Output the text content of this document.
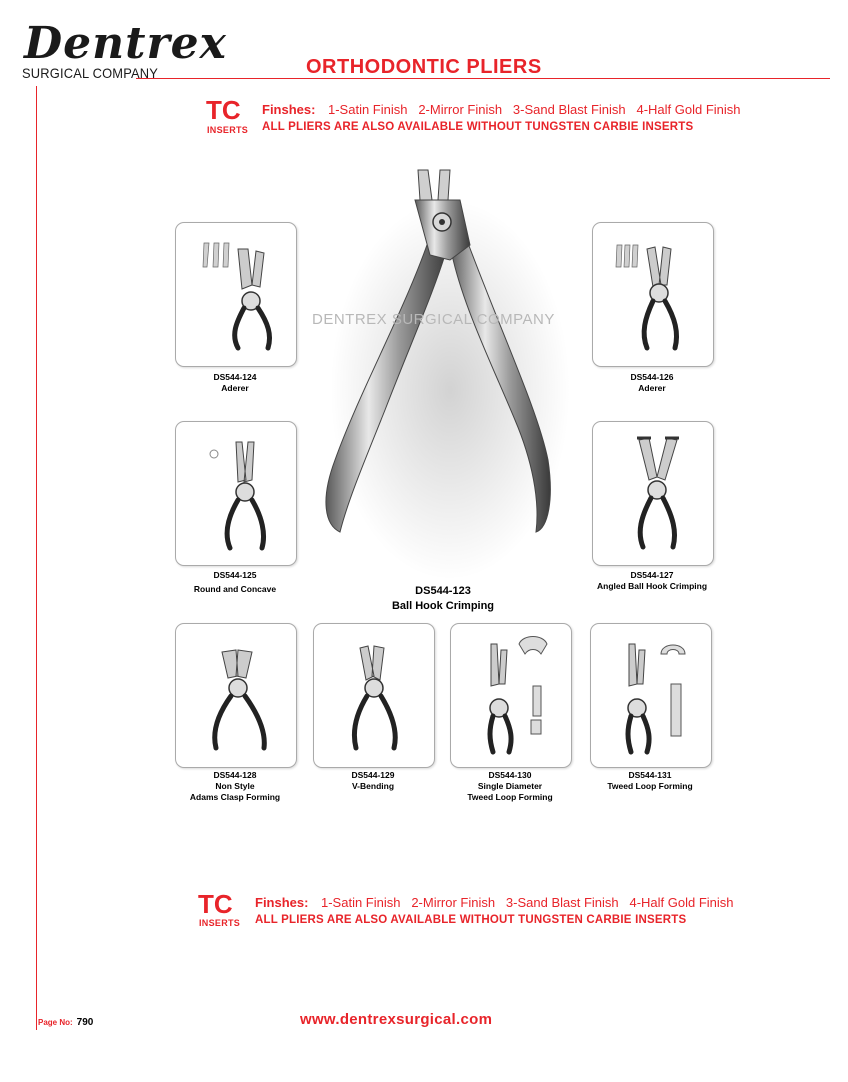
Dentrex
SURGICAL COMPANY	ORTHODONTIC PLIERS
TC
INSERTS
Finshes: 1-Satin Finish   2-Mirror Finish   3-Sand Blast Finish   4-Half Gold Finish
ALL PLIERS ARE ALSO AVAILABLE WITHOUT TUNGSTEN CARBIE INSERTS
DENTREX SURGICAL COMPANY
DS544-124
Aderer
DS544-126
Aderer
DS544-125
Round and Concave
DS544-127
Angled Ball Hook Crimping
DS544-123
Ball Hook Crimping
DS544-128
Non Style
Adams Clasp Forming
DS544-129
V-Bending
DS544-130
Single Diameter
Tweed Loop Forming
DS544-131
Tweed Loop Forming
TC
INSERTS
Finshes: 1-Satin Finish   2-Mirror Finish   3-Sand Blast Finish   4-Half Gold Finish
ALL PLIERS ARE ALSO AVAILABLE WITHOUT TUNGSTEN CARBIE INSERTS
Page No: 790	www.dentrexsurgical.com
